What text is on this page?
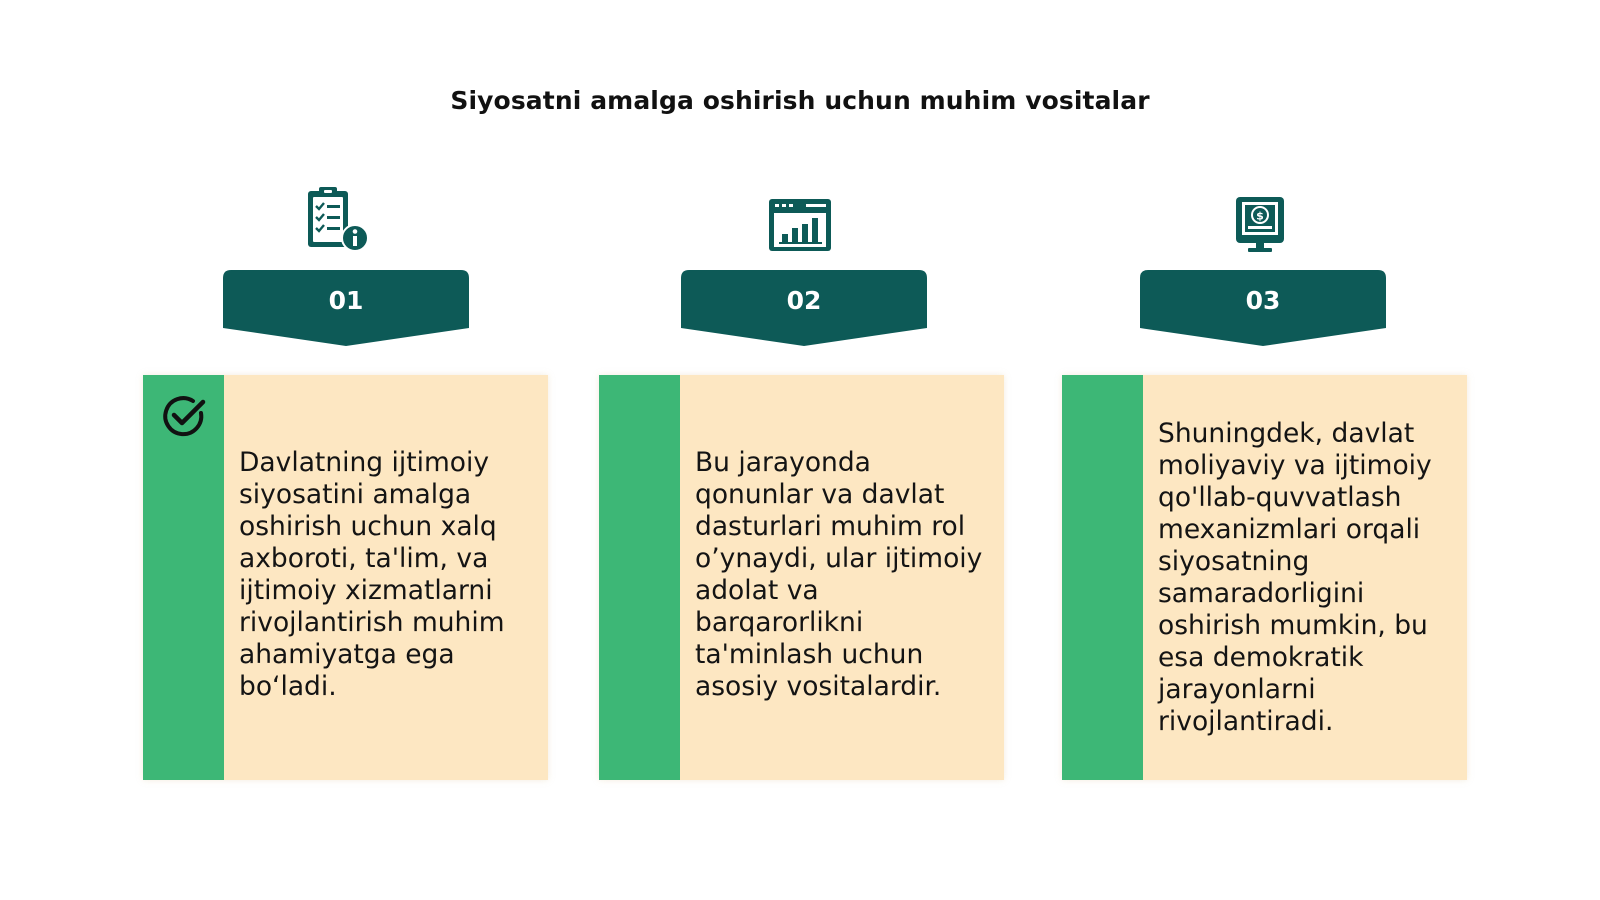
Siyosatni amalga oshirish uchun muhim vositalar
$
01	02	03
Davlatning ijtimoiy siyosatini amalga oshirish uchun xalq axboroti, ta'lim, va ijtimoiy xizmatlarni rivojlantirish muhim ahamiyatga ega bo‘ladi.
Bu jarayonda qonunlar va davlat dasturlari muhim rol o’ynaydi, ular ijtimoiy adolat va barqarorlikni ta'minlash uchun asosiy vositalardir.
Shuningdek, davlat moliyaviy va ijtimoiy qo'llab-quvvatlash mexanizmlari orqali siyosatning samaradorligini oshirish mumkin, bu esa demokratik jarayonlarni rivojlantiradi.
